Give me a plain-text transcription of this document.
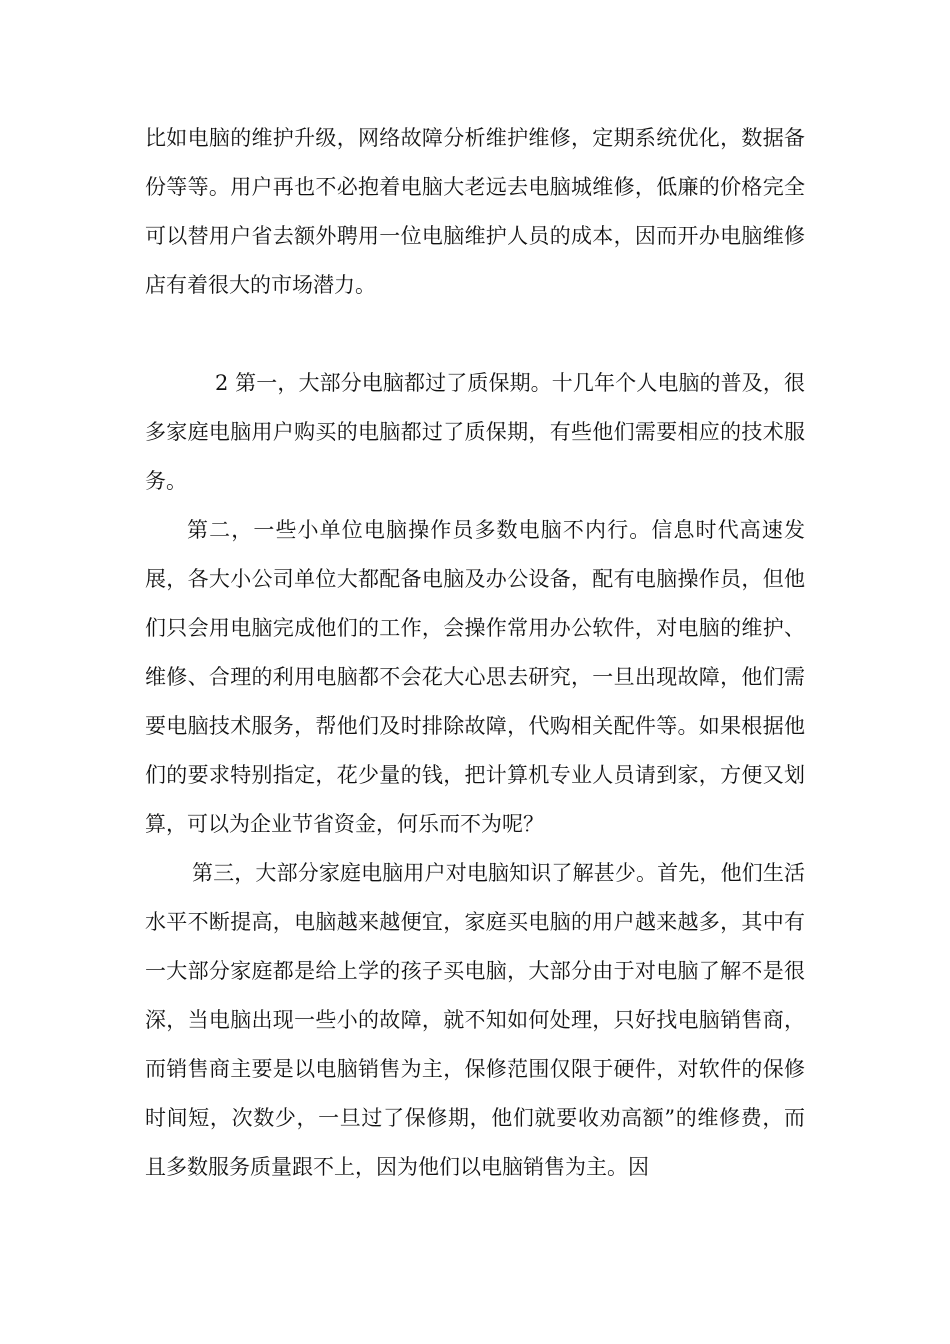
比如电脑的维护升级，网络故障分析维护维修，定期系统优化，数据备份等等。用户再也不必抱着电脑大老远去电脑城维修，低廉的价格完全可以替用户省去额外聘用一位电脑维护人员的成本，因而开办电脑维修店有着很大的市场潜力。

2 第一，大部分电脑都过了质保期。十几年个人电脑的普及，很多家庭电脑用户购买的电脑都过了质保期，有些他们需要相应的技术服务。

第二，一些小单位电脑操作员多数电脑不内行。信息时代高速发展，各大小公司单位大都配备电脑及办公设备，配有电脑操作员，但他们只会用电脑完成他们的工作，会操作常用办公软件，对电脑的维护、维修、合理的利用电脑都不会花大心思去研究，一旦出现故障，他们需要电脑技术服务，帮他们及时排除故障，代购相关配件等。如果根据他们的要求特别指定，花少量的钱，把计算机专业人员请到家，方便又划算，可以为企业节省资金，何乐而不为呢？

第三，大部分家庭电脑用户对电脑知识了解甚少。首先，他们生活水平不断提高，电脑越来越便宜，家庭买电脑的用户越来越多，其中有一大部分家庭都是给上学的孩子买电脑，大部分由于对电脑了解不是很深，当电脑出现一些小的故障，就不知如何处理，只好找电脑销售商，而销售商主要是以电脑销售为主，保修范围仅限于硬件，对软件的保修时间短，次数少，一旦过了保修期，他们就要收劝高额”的维修费，而且多数服务质量跟不上，因为他们以电脑销售为主。因
